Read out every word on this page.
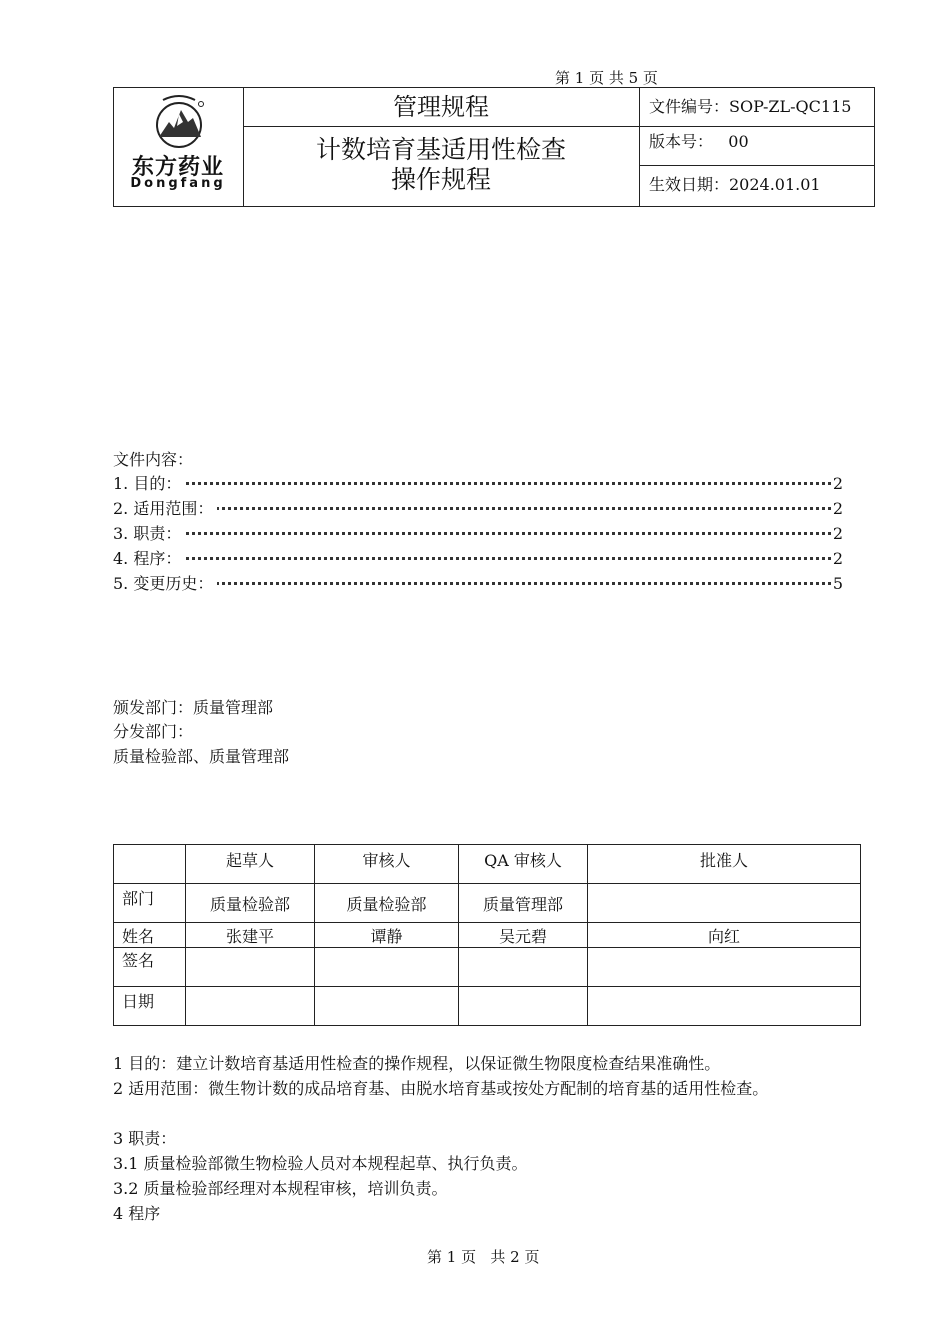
第 1 页 共 5 页
东方药业
Dongfang
管理规程
计数培育基适用性检查
操作规程
文件编号：SOP-ZL-QC115
版本号：   00
生效日期：2024.01.01
文件内容：
1. 目的：	2
2. 适用范围：	2
3. 职责：	2
4. 程序：	2
5. 变更历史：	5
颁发部门：质量管理部
分发部门：
质量检验部、质量管理部
	起草人	审核人	QA 审核人	批准人
部门	质量检验部	质量检验部	质量管理部	
姓名	张建平	谭静	吴元碧	向红
签名				
日期				
1 目的：建立计数培育基适用性检查的操作规程，以保证微生物限度检查结果准确性。
2 适用范围：微生物计数的成品培育基、由脱水培育基或按处方配制的培育基的适用性检查。
3 职责：
3.1 质量检验部微生物检验人员对本规程起草、执行负责。
3.2 质量检验部经理对本规程审核，培训负责。
4 程序
第 1 页   共 2 页
